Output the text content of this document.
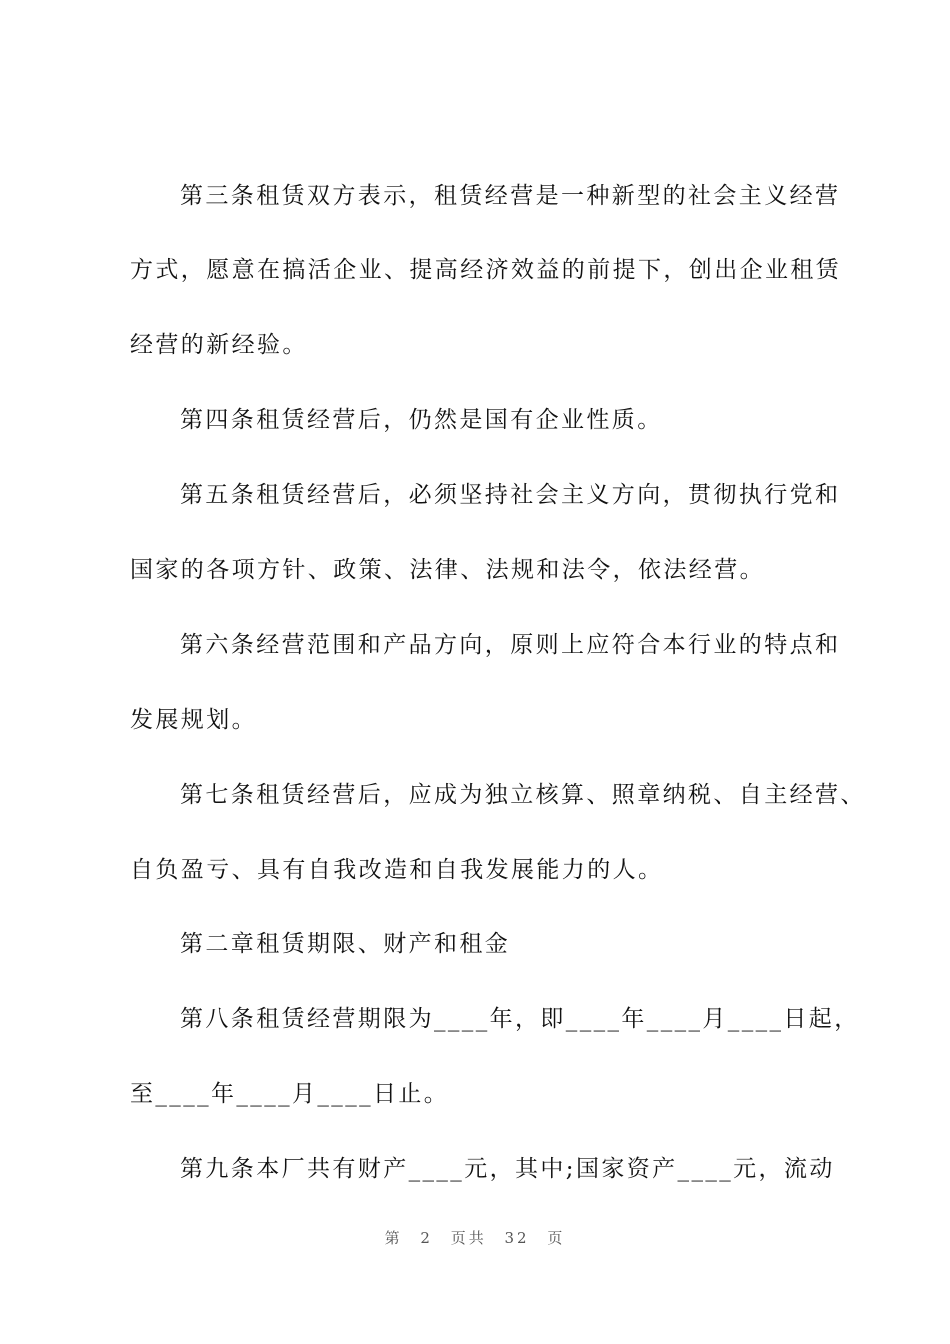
第三条租赁双方表示，租赁经营是一种新型的社会主义经营
方式，愿意在搞活企业、提高经济效益的前提下，创出企业租赁
经营的新经验。
第四条租赁经营后，仍然是国有企业性质。
第五条租赁经营后，必须坚持社会主义方向，贯彻执行党和
国家的各项方针、政策、法律、法规和法令，依法经营。
第六条经营范围和产品方向，原则上应符合本行业的特点和
发展规划。
第七条租赁经营后，应成为独立核算、照章纳税、自主经营、
自负盈亏、具有自我改造和自我发展能力的人。
第二章租赁期限、财产和租金
第八条租赁经营期限为____年，即____年____月____日起，
至____年____月____日止。
第九条本厂共有财产____元，其中;国家资产____元，流动
第 2 页共 32 页
